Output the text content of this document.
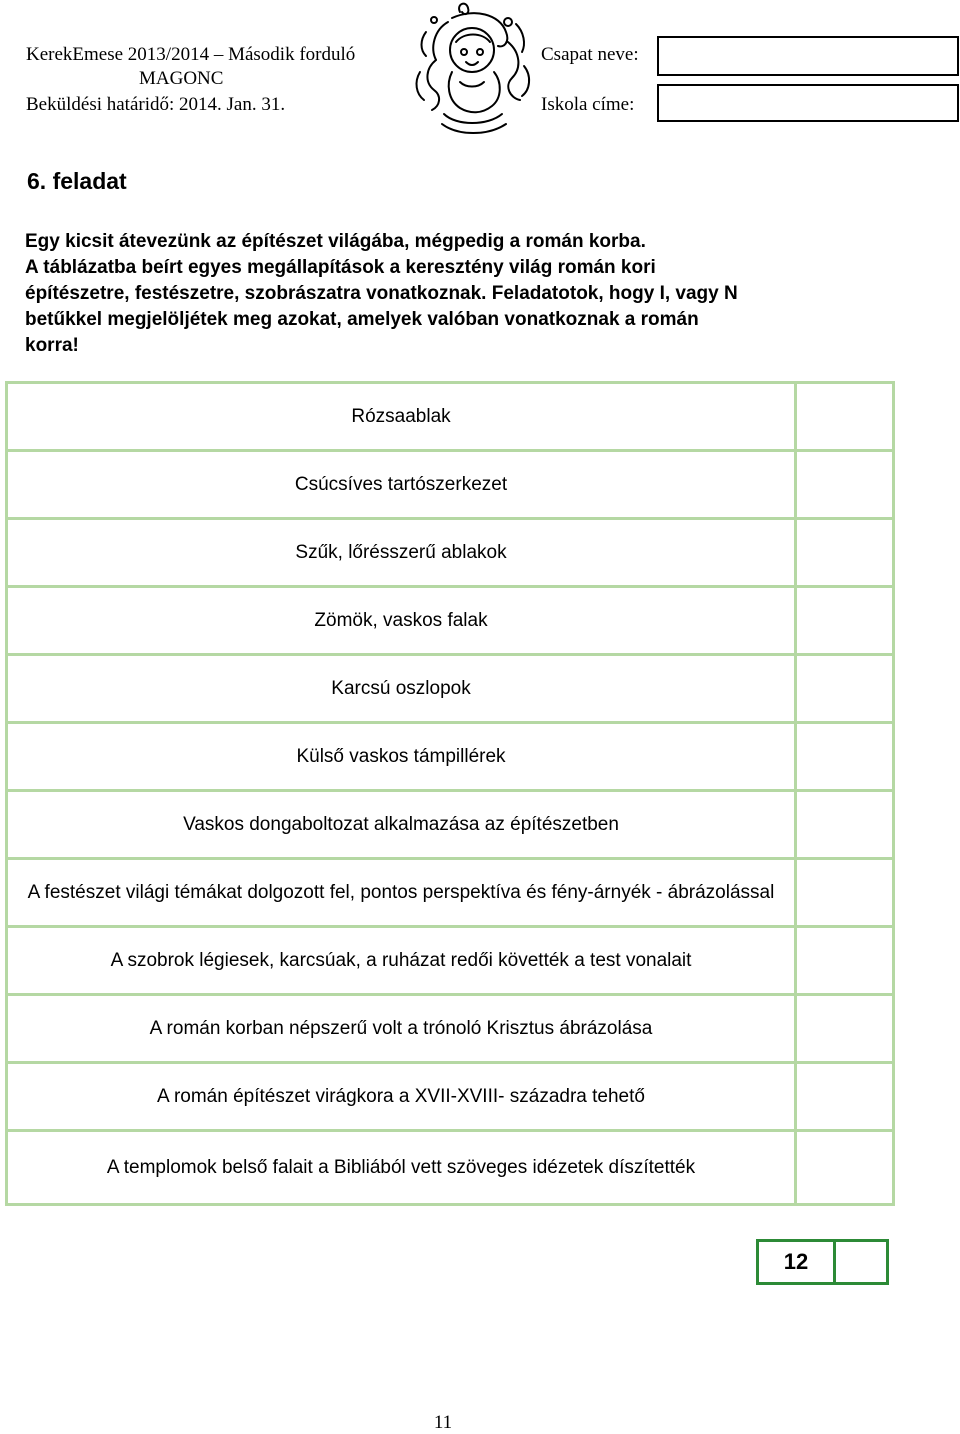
KerekEmese 2013/2014 – Második forduló
MAGONC
Beküldési határidő: 2014. Jan. 31.
Csapat neve:
Iskola címe:
6. feladat
Egy kicsit átevezünk az építészet világába, mégpedig a román korba.
A táblázatba beírt egyes megállapítások a keresztény világ román kori
építészetre, festészetre, szobrászatra vonatkoznak. Feladatotok, hogy I, vagy N
betűkkel megjelöljétek meg azokat, amelyek valóban vonatkoznak a román
korra!
Rózsaablak	
Csúcsíves tartószerkezet	
Szűk, lőrésszerű ablakok	
Zömök, vaskos falak	
Karcsú oszlopok	
Külső vaskos támpillérek	
Vaskos dongaboltozat alkalmazása az építészetben	
A festészet világi témákat dolgozott fel, pontos perspektíva és fény-árnyék - ábrázolással	
A szobrok légiesek, karcsúak, a ruházat redői követték a test vonalait	
A román korban népszerű volt a trónoló Krisztus ábrázolása	
A román építészet virágkora a XVII-XVIII- századra tehető	
A templomok belső falait a Bibliából vett szöveges idézetek díszítették	
12
11
